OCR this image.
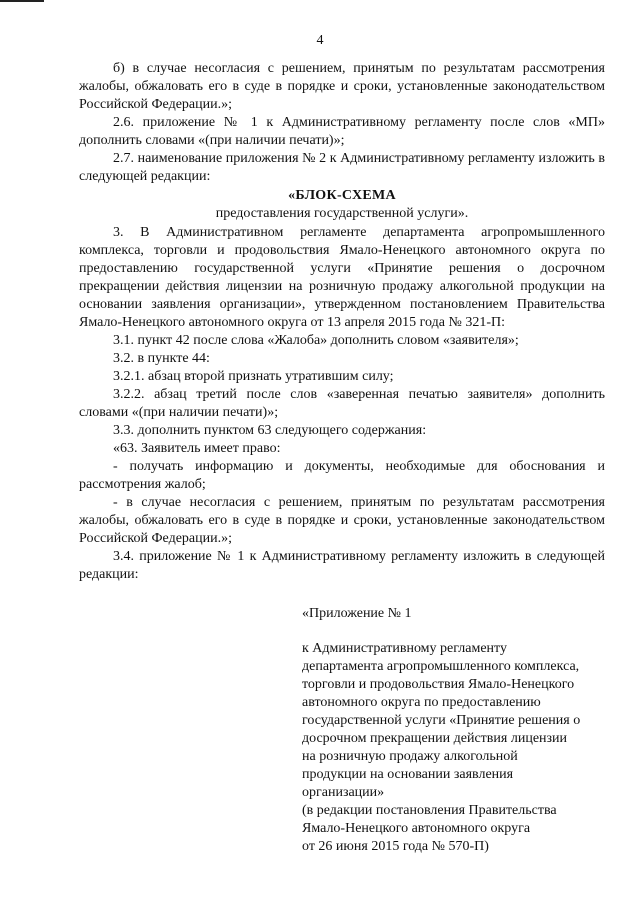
4

б) в случае несогласия с решением, принятым по результатам рассмотрения жалобы, обжаловать его в суде в порядке и сроки, установленные законодательством Российской Федерации.»;

2.6. приложение № 1 к Административному регламенту после слов «МП» дополнить словами «(при наличии печати)»;

2.7. наименование приложения № 2 к Административному регламенту изложить в следующей редакции:

«БЛОК-СХЕМА

предоставления государственной услуги».

3. В Административном регламенте департамента агропромышленного комплекса, торговли и продовольствия Ямало-Ненецкого автономного округа по предоставлению государственной услуги «Принятие решения о досрочном прекращении действия лицензии на розничную продажу алкогольной продукции на основании заявления организации», утвержденном постановлением Правительства Ямало-Ненецкого автономного округа от 13 апреля 2015 года № 321-П:

3.1. пункт 42 после слова «Жалоба» дополнить словом «заявителя»;

3.2. в пункте 44:

3.2.1. абзац второй признать утратившим силу;

3.2.2. абзац третий после слов «заверенная печатью заявителя» дополнить словами «(при наличии печати)»;

3.3. дополнить пунктом 63 следующего содержания:

«63. Заявитель имеет право:

- получать информацию и документы, необходимые для обоснования и рассмотрения жалоб;

- в случае несогласия с решением, принятым по результатам рассмотрения жалобы, обжаловать его в суде в порядке и сроки, установленные законодательством Российской Федерации.»;

3.4. приложение № 1 к Административному регламенту изложить в следующей редакции:

«Приложение № 1

к Административному регламенту

департамента агропромышленного комплекса,

торговли и продовольствия Ямало-Ненецкого

автономного округа по предоставлению

государственной услуги «Принятие решения о

досрочном прекращении действия лицензии

на розничную продажу алкогольной

продукции на основании заявления

организации»

(в редакции постановления Правительства

Ямало-Ненецкого автономного округа

от 26 июня 2015 года № 570-П)
